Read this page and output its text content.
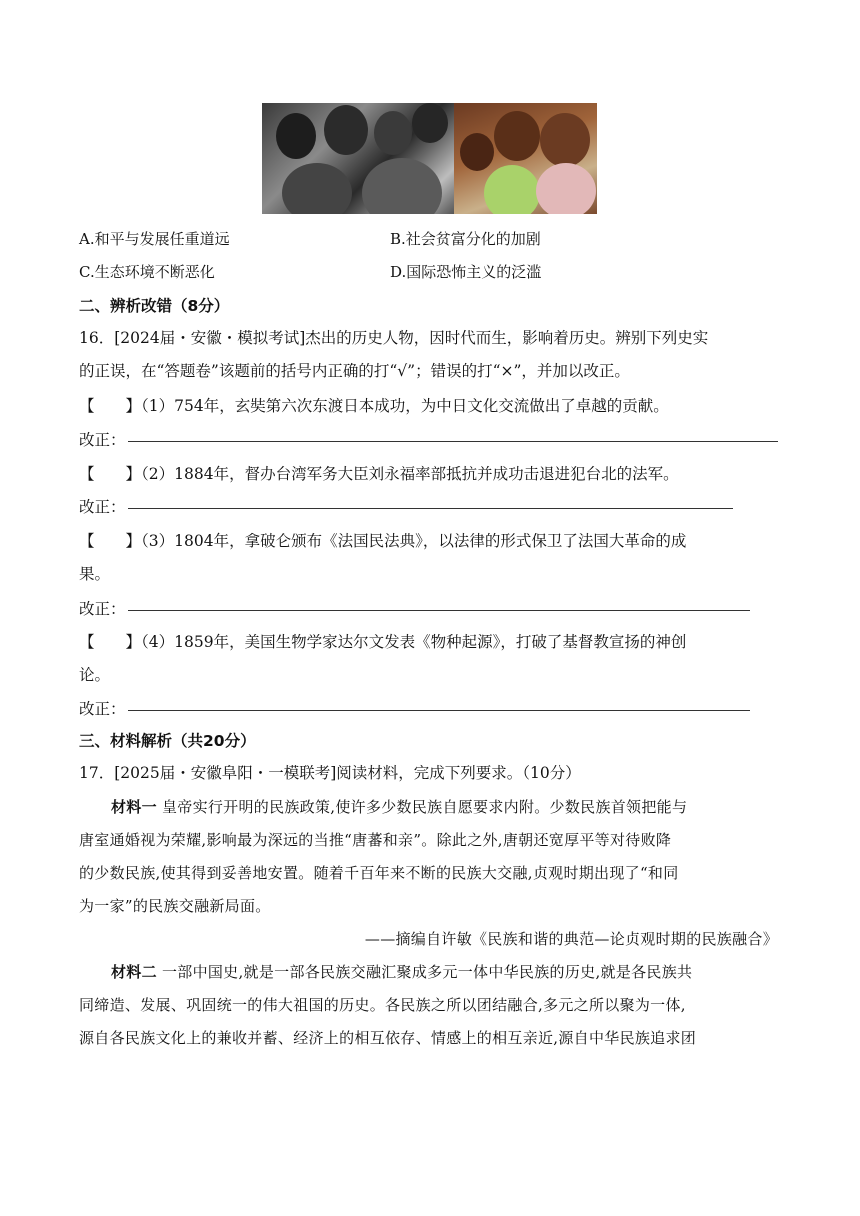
A.和平与发展任重道远	B.社会贫富分化的加剧
C.生态环境不断恶化	D.国际恐怖主义的泛滥
二、辨析改错（8分）
16．[2024届・安徽・模拟考试]杰出的历史人物，因时代而生，影响着历史。辨别下列史实
的正误，在“答题卷”该题前的括号内正确的打“√”；错误的打“×”，并加以改正。
【　　】（1）754年，玄奘第六次东渡日本成功，为中日文化交流做出了卓越的贡献。
改正：
【　　】（2）1884年，督办台湾军务大臣刘永福率部抵抗并成功击退进犯台北的法军。
改正：
【　　】（3）1804年，拿破仑颁布《法国民法典》，以法律的形式保卫了法国大革命的成
果。
改正：
【　　】（4）1859年，美国生物学家达尔文发表《物种起源》，打破了基督教宣扬的神创
论。
改正：
三、材料解析（共20分）
17．[2025届・安徽阜阳・一模联考]阅读材料，完成下列要求。（10分）
材料一 皇帝实行开明的民族政策,使许多少数民族自愿要求内附。少数民族首领把能与
唐室通婚视为荣耀,影响最为深远的当推“唐蕃和亲”。除此之外,唐朝还宽厚平等对待败降
的少数民族,使其得到妥善地安置。随着千百年来不断的民族大交融,贞观时期出现了“和同
为一家”的民族交融新局面。
——摘编自许敏《民族和谐的典范—论贞观时期的民族融合》
材料二 一部中国史,就是一部各民族交融汇聚成多元一体中华民族的历史,就是各民族共
同缔造、发展、巩固统一的伟大祖国的历史。各民族之所以团结融合,多元之所以聚为一体,
源自各民族文化上的兼收并蓄、经济上的相互依存、情感上的相互亲近,源自中华民族追求团
